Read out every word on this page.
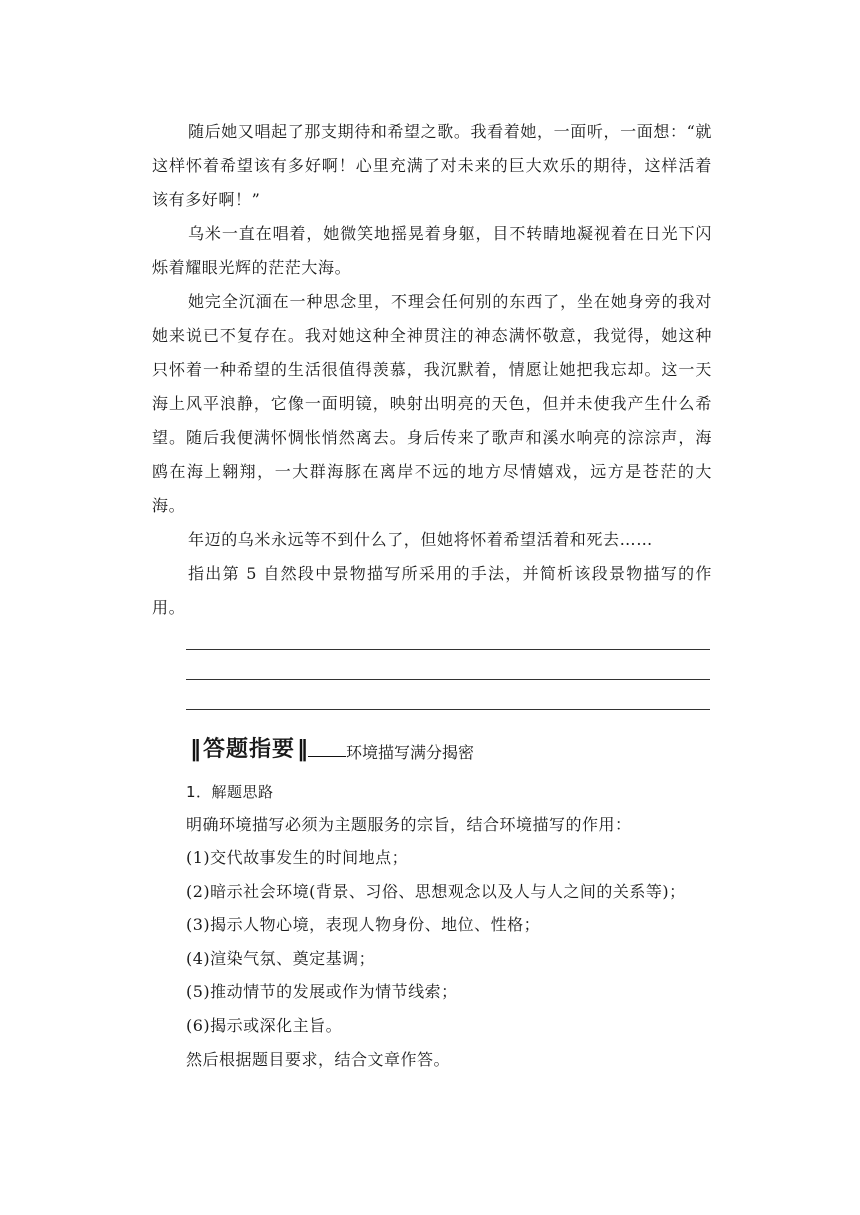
随后她又唱起了那支期待和希望之歌。我看着她，一面听，一面想：“就这样怀着希望该有多好啊！心里充满了对未来的巨大欢乐的期待，这样活着该有多好啊！”
乌米一直在唱着，她微笑地摇晃着身躯，目不转睛地凝视着在日光下闪烁着耀眼光辉的茫茫大海。
她完全沉湎在一种思念里，不理会任何别的东西了，坐在她身旁的我对她来说已不复存在。我对她这种全神贯注的神态满怀敬意，我觉得，她这种只怀着一种希望的生活很值得羡慕，我沉默着，情愿让她把我忘却。这一天海上风平浪静，它像一面明镜，映射出明亮的天色，但并未使我产生什么希望。随后我便满怀惆怅悄然离去。身后传来了歌声和溪水响亮的淙淙声，海鸥在海上翱翔，一大群海豚在离岸不远的地方尽情嬉戏，远方是苍茫的大海。
年迈的乌米永远等不到什么了，但她将怀着希望活着和死去……
指出第 5 自然段中景物描写所采用的手法，并简析该段景物描写的作用。
‖ 答题指要 ‖ 环境描写满分揭密
1．解题思路
明确环境描写必须为主题服务的宗旨，结合环境描写的作用：
(1)交代故事发生的时间地点；
(2)暗示社会环境(背景、习俗、思想观念以及人与人之间的关系等)；
(3)揭示人物心境，表现人物身份、地位、性格；
(4)渲染气氛、奠定基调；
(5)推动情节的发展或作为情节线索；
(6)揭示或深化主旨。
然后根据题目要求，结合文章作答。
